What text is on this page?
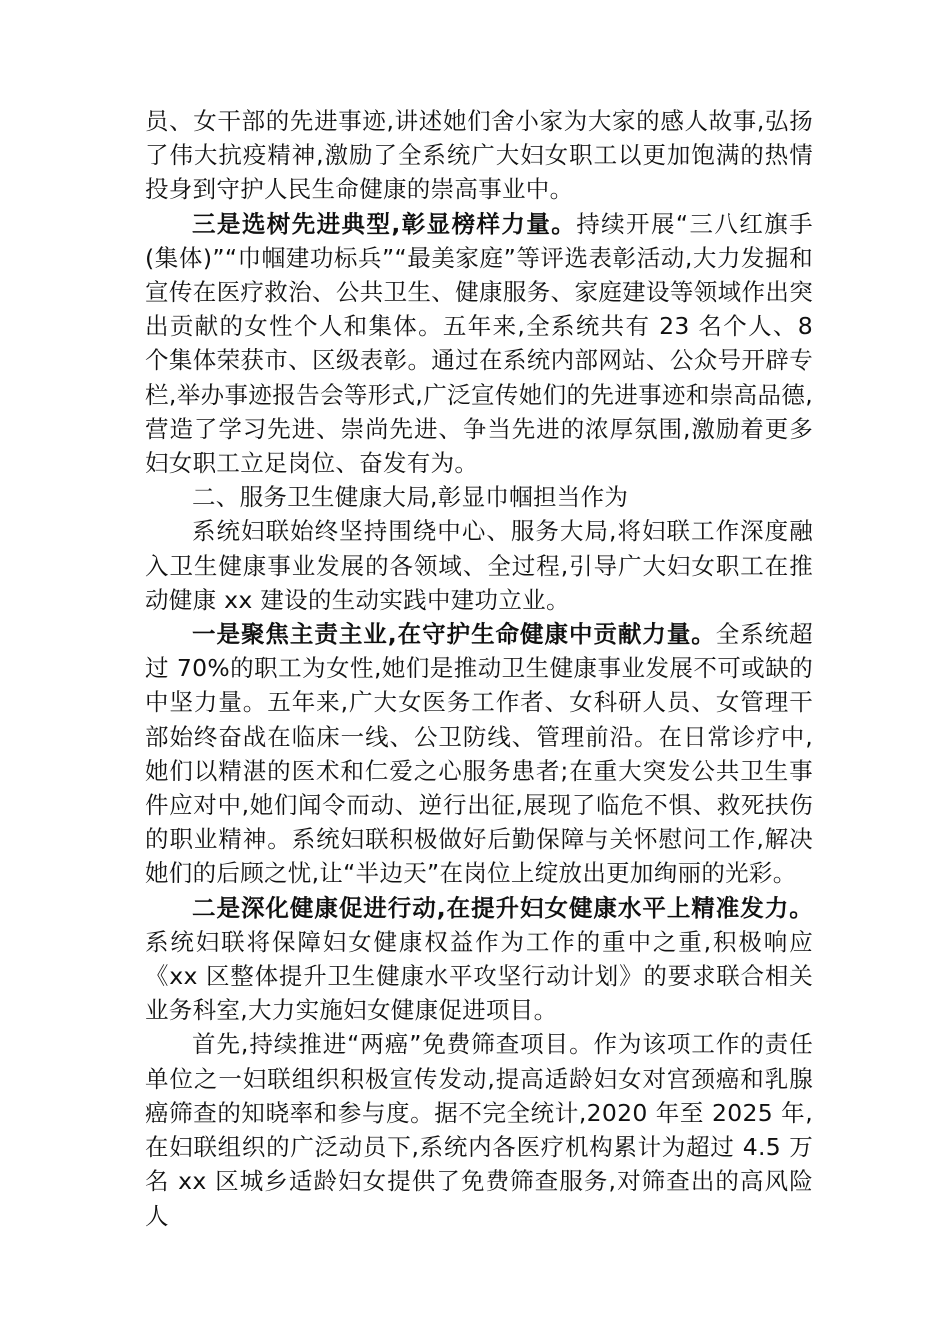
员、女干部的先进事迹,讲述她们舍小家为大家的感人故事,弘扬了伟大抗疫精神,激励了全系统广大妇女职工以更加饱满的热情投身到守护人民生命健康的崇高事业中。

三是选树先进典型,彰显榜样力量。持续开展“三八红旗手(集体)”“巾帼建功标兵”“最美家庭”等评选表彰活动,大力发掘和宣传在医疗救治、公共卫生、健康服务、家庭建设等领域作出突出贡献的女性个人和集体。五年来,全系统共有 23 名个人、8 个集体荣获市、区级表彰。通过在系统内部网站、公众号开辟专栏,举办事迹报告会等形式,广泛宣传她们的先进事迹和崇高品德,营造了学习先进、崇尚先进、争当先进的浓厚氛围,激励着更多妇女职工立足岗位、奋发有为。

二、服务卫生健康大局,彰显巾帼担当作为

系统妇联始终坚持围绕中心、服务大局,将妇联工作深度融入卫生健康事业发展的各领域、全过程,引导广大妇女职工在推动健康 xx 建设的生动实践中建功立业。

一是聚焦主责主业,在守护生命健康中贡献力量。全系统超过 70%的职工为女性,她们是推动卫生健康事业发展不可或缺的中坚力量。五年来,广大女医务工作者、女科研人员、女管理干部始终奋战在临床一线、公卫防线、管理前沿。在日常诊疗中,她们以精湛的医术和仁爱之心服务患者;在重大突发公共卫生事件应对中,她们闻令而动、逆行出征,展现了临危不惧、救死扶伤的职业精神。系统妇联积极做好后勤保障与关怀慰问工作,解决她们的后顾之忧,让“半边天”在岗位上绽放出更加绚丽的光彩。

二是深化健康促进行动,在提升妇女健康水平上精准发力。系统妇联将保障妇女健康权益作为工作的重中之重,积极响应《xx 区整体提升卫生健康水平攻坚行动计划》的要求联合相关业务科室,大力实施妇女健康促进项目。

首先,持续推进“两癌”免费筛查项目。作为该项工作的责任单位之一妇联组织积极宣传发动,提高适龄妇女对宫颈癌和乳腺癌筛查的知晓率和参与度。据不完全统计,2020 年至 2025 年,在妇联组织的广泛动员下,系统内各医疗机构累计为超过 4.5 万名 xx 区城乡适龄妇女提供了免费筛查服务,对筛查出的高风险人
